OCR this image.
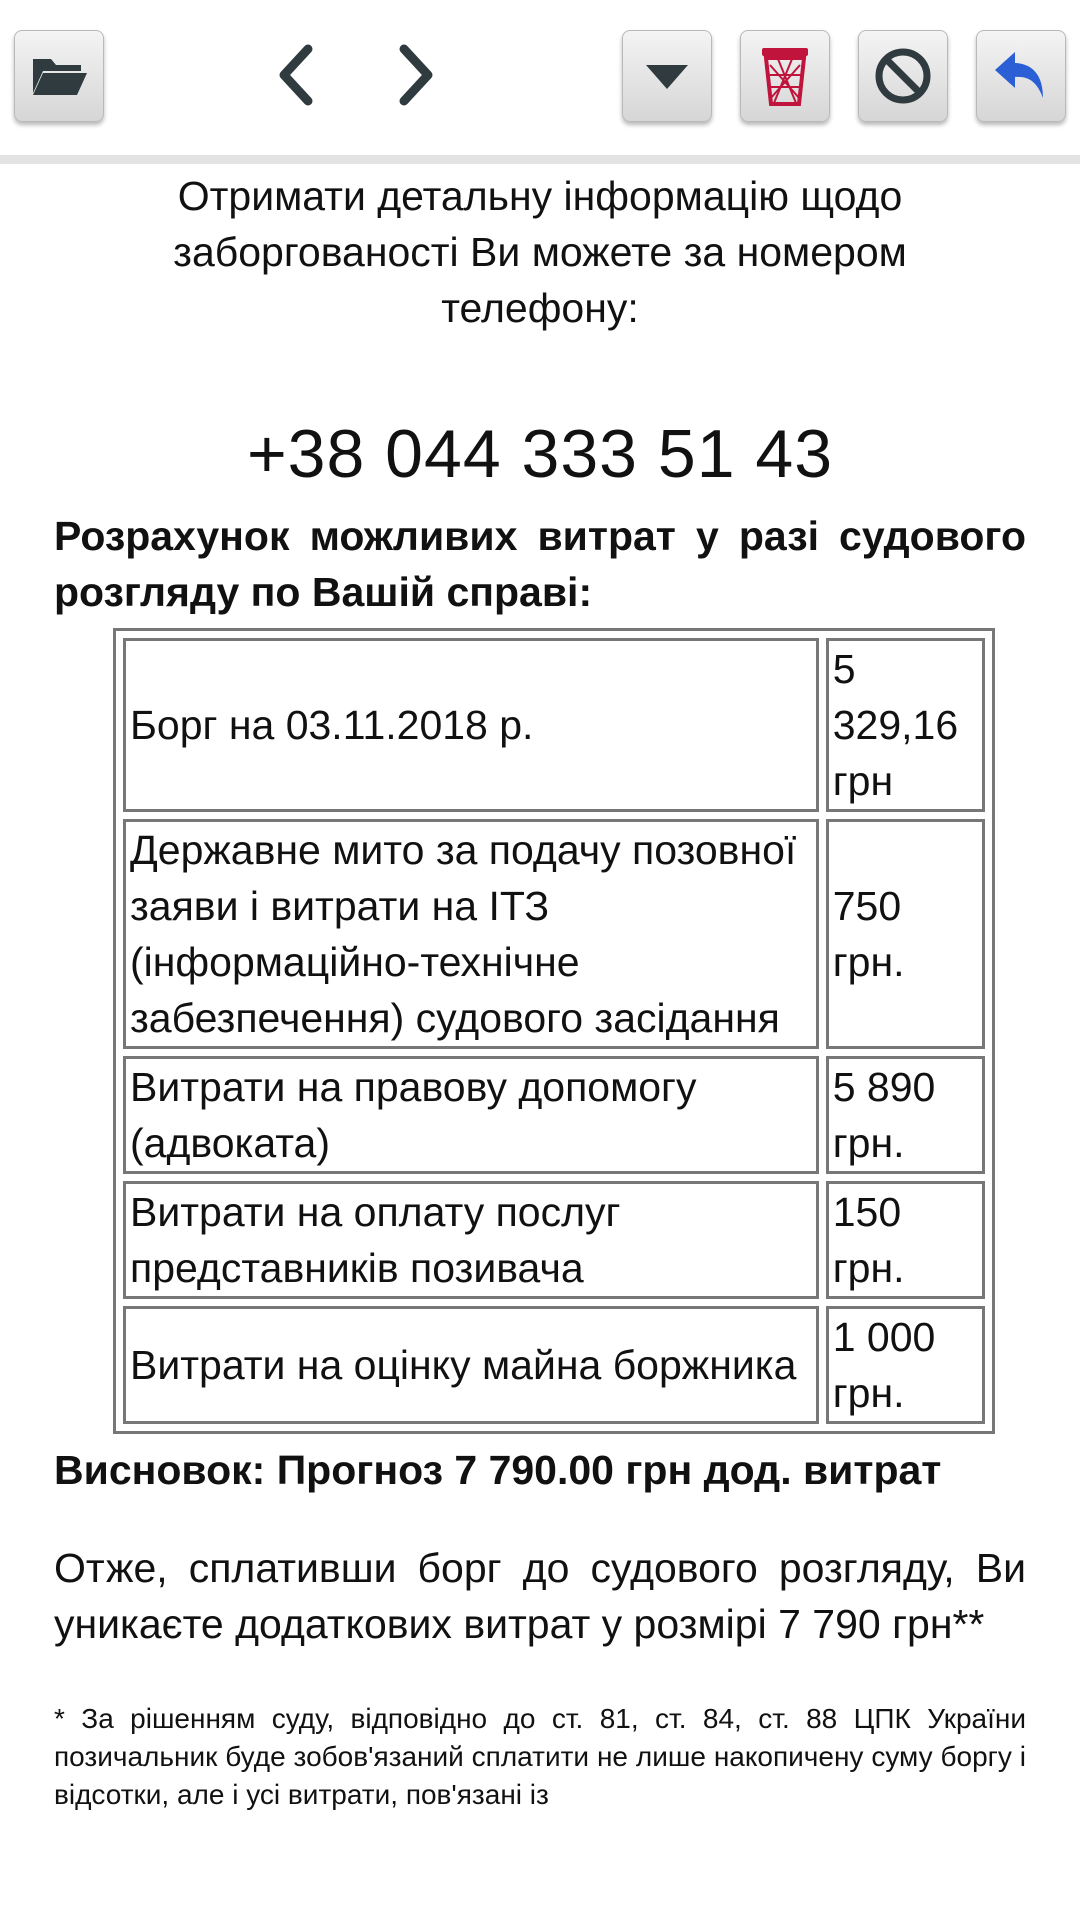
Отримати детальну інформацію щодо заборгованості Ви можете за номером телефону:
+38 044 333 51 43
Розрахунок можливих витрат у разі судового розгляду по Вашій справі:
Борг на 03.11.2018 р.	5 329,16 грн
Державне мито за подачу позовної заяви і витрати на ІТЗ (інформаційно-технічне забезпечення) судового засідання	750 грн.
Витрати на правову допомогу (адвоката)	5 890 грн.
Витрати на оплату послуг представників позивача	150 грн.
Витрати на оцінку майна боржника	1 000 грн.
Висновок: Прогноз 7 790.00 грн дод. витрат
Отже, сплативши борг до судового розгляду, Ви уникаєте додаткових витрат у розмірі 7 790 грн**
* За рішенням суду, відповідно до ст. 81, ст. 84, ст. 88 ЦПК України позичальник буде зобов'язаний сплатити не лише накопичену суму боргу і відсотки, але і усі витрати, пов'язані із
